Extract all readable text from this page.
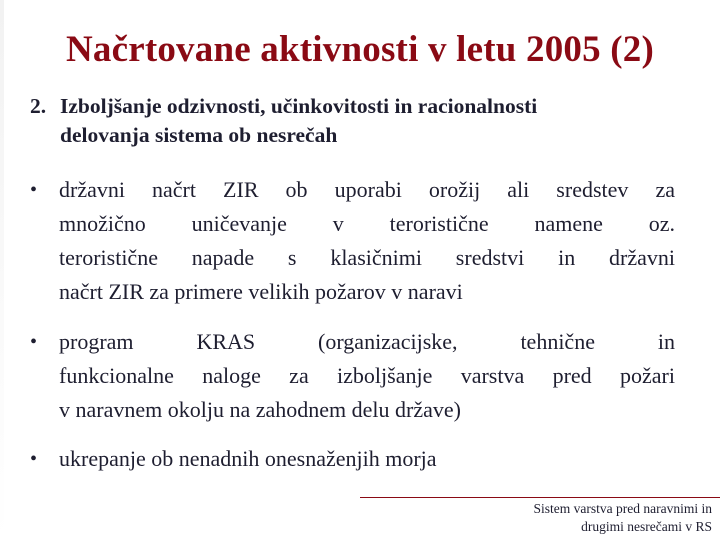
Načrtovane aktivnosti v letu 2005 (2)
2. Izboljšanje odzivnosti, učinkovitosti in racionalnosti
delovanja sistema ob nesrečah
• državni načrt ZIR ob uporabi orožij ali sredstev za
množično uničevanje v teroristične namene oz.
teroristične napade s klasičnimi sredstvi in državni
načrt ZIR za primere velikih požarov v naravi
• program KRAS (organizacijske, tehnične in
funkcionalne naloge za izboljšanje varstva pred požari
v naravnem okolju na zahodnem delu države)
• ukrepanje ob nenadnih onesnaženjih morja
Sistem varstva pred naravnimi in
drugimi nesrečami v RS
